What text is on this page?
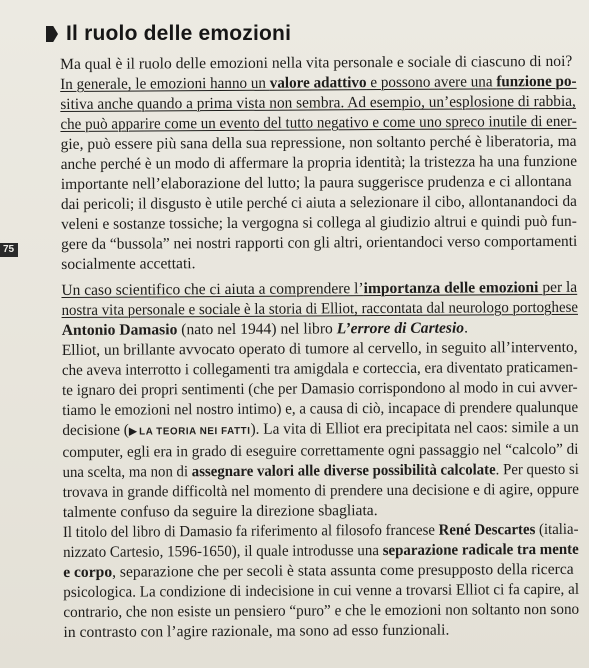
Il ruolo delle emozioni
75
Ma qual è il ruolo delle emozioni nella vita personale e sociale di ciascuno di noi?
In generale, le emozioni hanno un valore adattivo e possono avere una funzione po-
sitiva anche quando a prima vista non sembra. Ad esempio, un’esplosione di rabbia,
che può apparire come un evento del tutto negativo e come uno spreco inutile di ener-
gie, può essere più sana della sua repressione, non soltanto perché è liberatoria, ma
anche perché è un modo di affermare la propria identità; la tristezza ha una funzione
importante nell’elaborazione del lutto; la paura suggerisce prudenza e ci allontana
dai pericoli; il disgusto è utile perché ci aiuta a selezionare il cibo, allontanandoci da
veleni e sostanze tossiche; la vergogna si collega al giudizio altrui e quindi può fun-
gere da “bussola” nei nostri rapporti con gli altri, orientandoci verso comportamenti
socialmente accettati.
Un caso scientifico che ci aiuta a comprendere l’importanza delle emozioni per la
nostra vita personale e sociale è la storia di Elliot, raccontata dal neurologo portoghese
Antonio Damasio (nato nel 1944) nel libro L’errore di Cartesio.
Elliot, un brillante avvocato operato di tumore al cervello, in seguito all’intervento,
che aveva interrotto i collegamenti tra amigdala e corteccia, era diventato praticamen-
te ignaro dei propri sentimenti (che per Damasio corrispondono al modo in cui avver-
tiamo le emozioni nel nostro intimo) e, a causa di ciò, incapace di prendere qualunque
decisione (▶ LA TEORIA NEI FATTI). La vita di Elliot era precipitata nel caos: simile a un
computer, egli era in grado di eseguire correttamente ogni passaggio nel “calcolo” di
una scelta, ma non di assegnare valori alle diverse possibilità calcolate. Per questo si
trovava in grande difficoltà nel momento di prendere una decisione e di agire, oppure
talmente confuso da seguire la direzione sbagliata.
Il titolo del libro di Damasio fa riferimento al filosofo francese René Descartes (italia-
nizzato Cartesio, 1596-1650), il quale introdusse una separazione radicale tra mente
e corpo, separazione che per secoli è stata assunta come presupposto della ricerca
psicologica. La condizione di indecisione in cui venne a trovarsi Elliot ci fa capire, al
contrario, che non esiste un pensiero “puro” e che le emozioni non soltanto non sono
in contrasto con l’agire razionale, ma sono ad esso funzionali.
